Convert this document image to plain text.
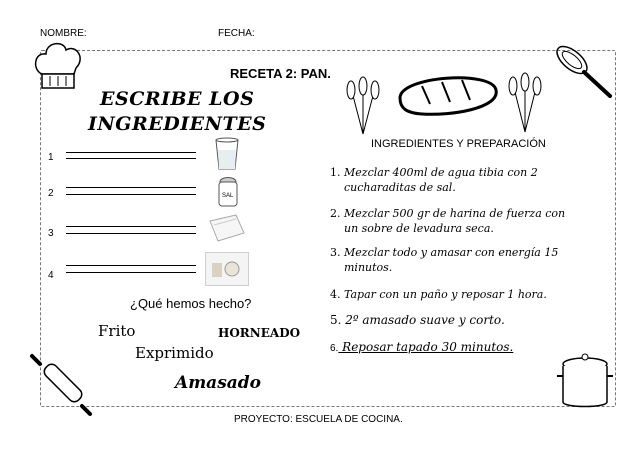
NOMBRE:	FECHA:
RECETA 2: PAN.
ESCRIBE LOS
INGREDIENTES
1
2
3
4
SAL
INGREDIENTES Y PREPARACIÓN
1. Mezclar 400ml de agua tibia con 2
cucharaditas de sal.
2. Mezclar 500 gr de harina de fuerza con
un sobre de levadura seca.
3. Mezclar todo y amasar con energía 15
minutos.
4. Tapar con un paño y reposar 1 hora.
5. 2º amasado suave y corto.
6. Reposar tapado 30 minutos.
¿Qué hemos hecho?
Frito	HORNEADO
Exprimido
Amasado
PROYECTO: ESCUELA DE COCINA.
